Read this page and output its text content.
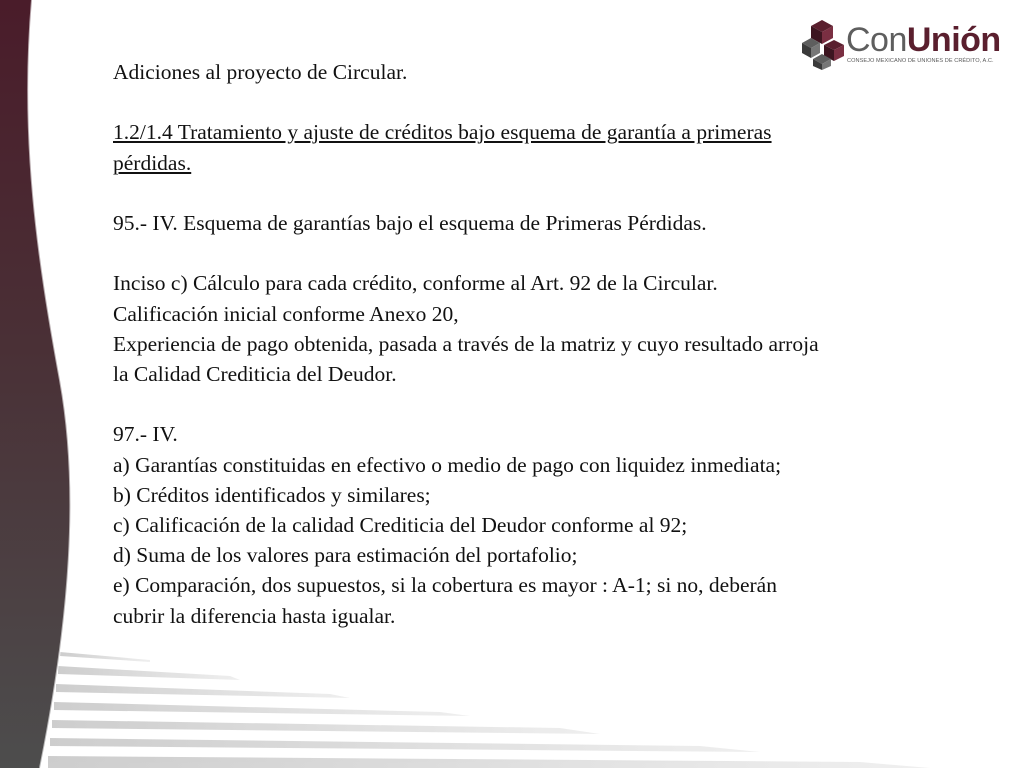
ConUnión
CONSEJO MEXICANO DE UNIONES DE CRÉDITO, A.C.

Adiciones al proyecto de Circular.

1.2/1.4 Tratamiento y ajuste de créditos bajo esquema de garantía a primeras

pérdidas.

95.- IV. Esquema de garantías bajo el esquema de Primeras Pérdidas.

Inciso c) Cálculo para cada crédito, conforme al Art. 92 de la Circular.

Calificación inicial conforme Anexo 20,

Experiencia de pago obtenida, pasada a través de la matriz y cuyo resultado arroja

la Calidad Crediticia del Deudor.

97.- IV.

a) Garantías constituidas en efectivo o medio de pago con liquidez inmediata;

b) Créditos identificados y similares;

c) Calificación de la calidad Crediticia del Deudor conforme al 92;

d) Suma de los valores para estimación del portafolio;

e) Comparación, dos supuestos, si la cobertura es mayor : A-1; si no, deberán

cubrir la diferencia hasta igualar.
